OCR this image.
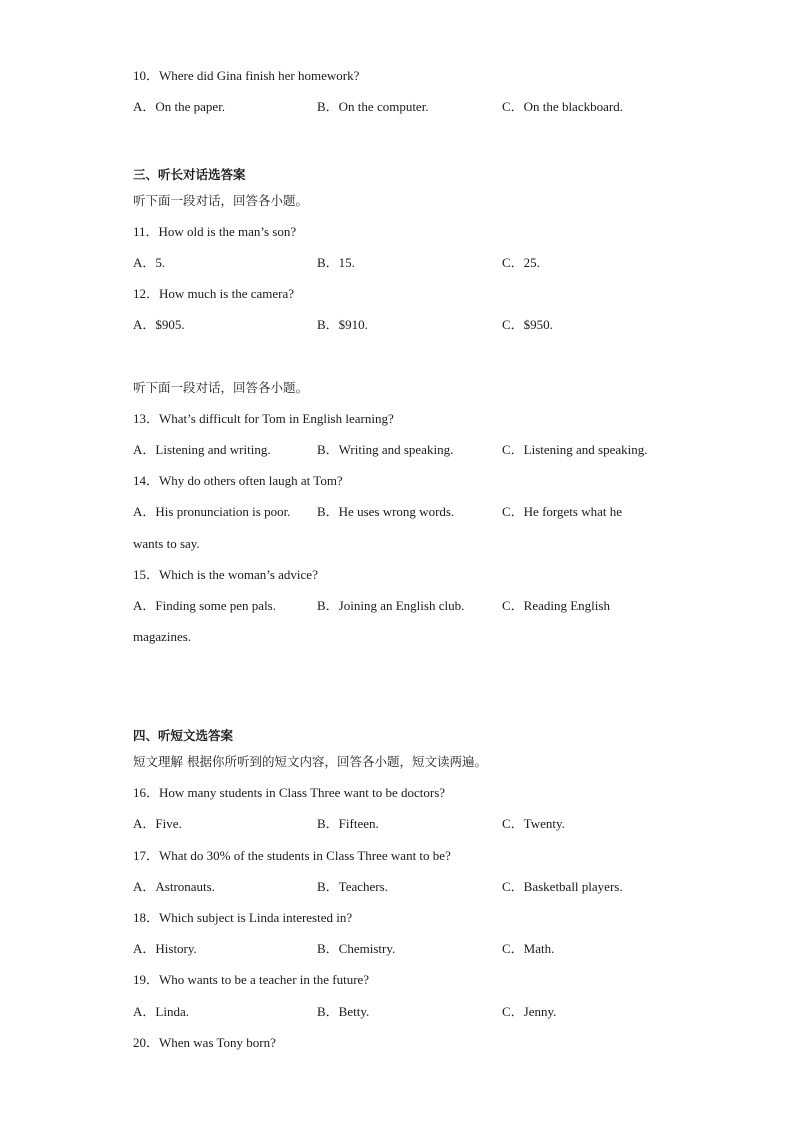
10．Where did Gina finish her homework?
A．On the paper.	B．On the computer.	C．On the blackboard.
三、听长对话选答案
听下面一段对话，回答各小题。
11．How old is the man’s son?
A．5.	B．15.	C．25.
12．How much is the camera?
A．$905.	B．$910.	C．$950.
听下面一段对话，回答各小题。
13．What’s difficult for Tom in English learning?
A．Listening and writing.	B．Writing and speaking.	C．Listening and speaking.
14．Why do others often laugh at Tom?
A．His pronunciation is poor. B．He uses wrong words.	C．He forgets what he
wants to say.
15．Which is the woman’s advice?
A．Finding some pen pals.	B．Joining an English club.	C．Reading English
magazines.
四、听短文选答案
短文理解 根据你所听到的短文内容，回答各小题，短文读两遍。
16．How many students in Class Three want to be doctors?
A．Five.	B．Fifteen.	C．Twenty.
17．What do 30% of the students in Class Three want to be?
A．Astronauts.	B．Teachers.	C．Basketball players.
18．Which subject is Linda interested in?
A．History.	B．Chemistry.	C．Math.
19．Who wants to be a teacher in the future?
A．Linda.	B．Betty.	C．Jenny.
20．When was Tony born?
